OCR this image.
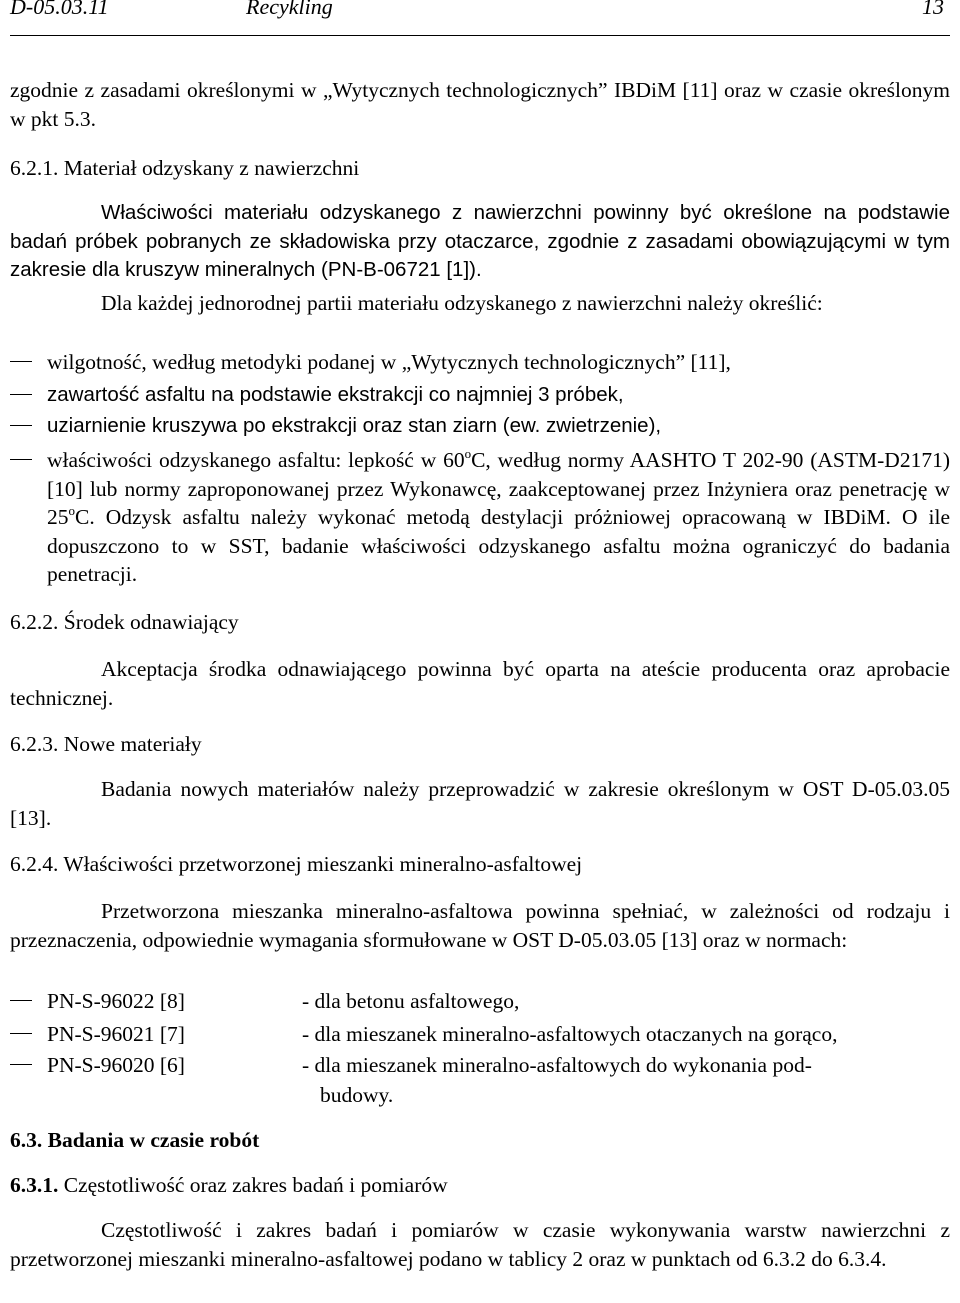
D-05.03.11	Recykling	13
zgodnie z zasadami określonymi w „Wytycznych technologicznych” IBDiM [11] oraz w czasie określonym w pkt 5.3.
6.2.1. Materiał odzyskany z nawierzchni
Właściwości materiału odzyskanego z nawierzchni powinny być określone na podstawie badań próbek pobranych ze składowiska przy otaczarce, zgodnie z zasadami obowiązującymi w tym zakresie dla kruszyw mineralnych (PN-B-06721 [1]).
Dla każdej jednorodnej partii materiału odzyskanego z nawierzchni należy określić:
wilgotność, według metodyki podanej w „Wytycznych technologicznych” [11],
zawartość asfaltu na podstawie ekstrakcji co najmniej 3 próbek,
uziarnienie kruszywa po ekstrakcji oraz stan ziarn (ew. zwietrzenie),
właściwości odzyskanego asfaltu: lepkość w 60$^o$C, według normy AASHTO T 202-90 (ASTM-D2171) [10] lub normy zaproponowanej przez Wykonawcę, zaakceptowanej przez Inżyniera oraz penetrację w 25$^o$C. Odzysk asfaltu należy wykonać metodą destylacji próżniowej opracowaną w IBDiM. O ile dopuszczono to w SST, badanie właściwości odzyskanego asfaltu można ograniczyć do badania penetracji.
6.2.2. Środek odnawiający
Akceptacja środka odnawiającego powinna być oparta na ateście producenta oraz aprobacie technicznej.
6.2.3. Nowe materiały
Badania nowych materiałów należy przeprowadzić w zakresie określonym w OST D-05.03.05 [13].
6.2.4. Właściwości przetworzonej mieszanki mineralno-asfaltowej
Przetworzona mieszanka mineralno-asfaltowa powinna spełniać, w zależności od rodzaju i przeznaczenia, odpowiednie wymagania sformułowane w OST D-05.03.05 [13] oraz w normach:
PN-S-96022 [8]	- dla betonu asfaltowego,
PN-S-96021 [7]	- dla mieszanek mineralno-asfaltowych otaczanych na gorąco,
PN-S-96020 [6]	- dla mieszanek mineralno-asfaltowych do wykonania pod-
budowy.
6.3. Badania w czasie robót
6.3.1. Częstotliwość oraz zakres badań i pomiarów
Częstotliwość i zakres badań i pomiarów w czasie wykonywania warstw nawierzchni z przetworzonej mieszanki mineralno-asfaltowej podano w tablicy 2 oraz w punktach od 6.3.2 do 6.3.4.
